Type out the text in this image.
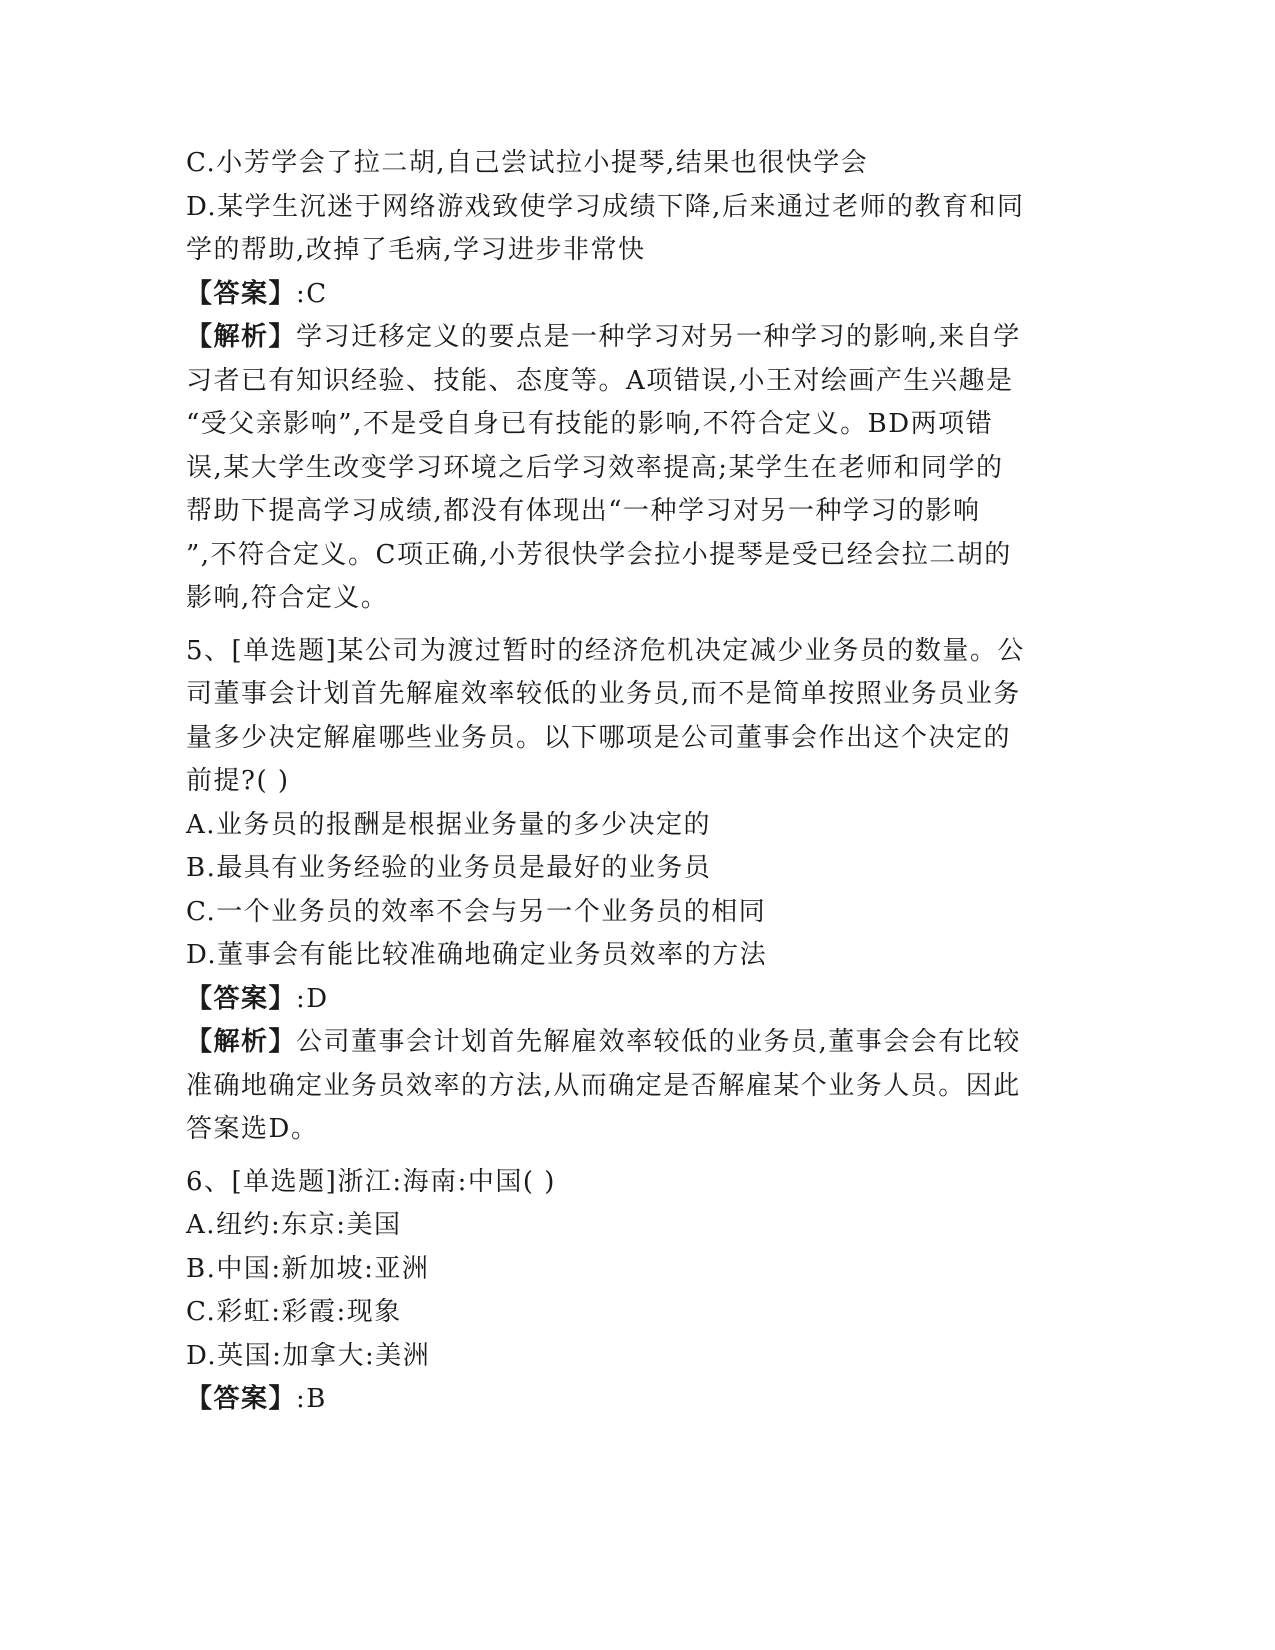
C.小芳学会了拉二胡,自己尝试拉小提琴,结果也很快学会
D.某学生沉迷于网络游戏致使学习成绩下降,后来通过老师的教育和同
学的帮助,改掉了毛病,学习进步非常快
【答案】:C
【解析】学习迁移定义的要点是一种学习对另一种学习的影响,来自学
习者已有知识经验、技能、态度等。A项错误,小王对绘画产生兴趣是
“受父亲影响”,不是受自身已有技能的影响,不符合定义。BD两项错
误,某大学生改变学习环境之后学习效率提高;某学生在老师和同学的
帮助下提高学习成绩,都没有体现出“一种学习对另一种学习的影响
”,不符合定义。C项正确,小芳很快学会拉小提琴是受已经会拉二胡的
影响,符合定义。
5、[单选题]某公司为渡过暂时的经济危机决定减少业务员的数量。公
司董事会计划首先解雇效率较低的业务员,而不是简单按照业务员业务
量多少决定解雇哪些业务员。以下哪项是公司董事会作出这个决定的
前提?( )
A.业务员的报酬是根据业务量的多少决定的
B.最具有业务经验的业务员是最好的业务员
C.一个业务员的效率不会与另一个业务员的相同
D.董事会有能比较准确地确定业务员效率的方法
【答案】:D
【解析】公司董事会计划首先解雇效率较低的业务员,董事会会有比较
准确地确定业务员效率的方法,从而确定是否解雇某个业务人员。因此
答案选D。
6、[单选题]浙江:海南:中国( )
A.纽约:东京:美国
B.中国:新加坡:亚洲
C.彩虹:彩霞:现象
D.英国:加拿大:美洲
【答案】:B
